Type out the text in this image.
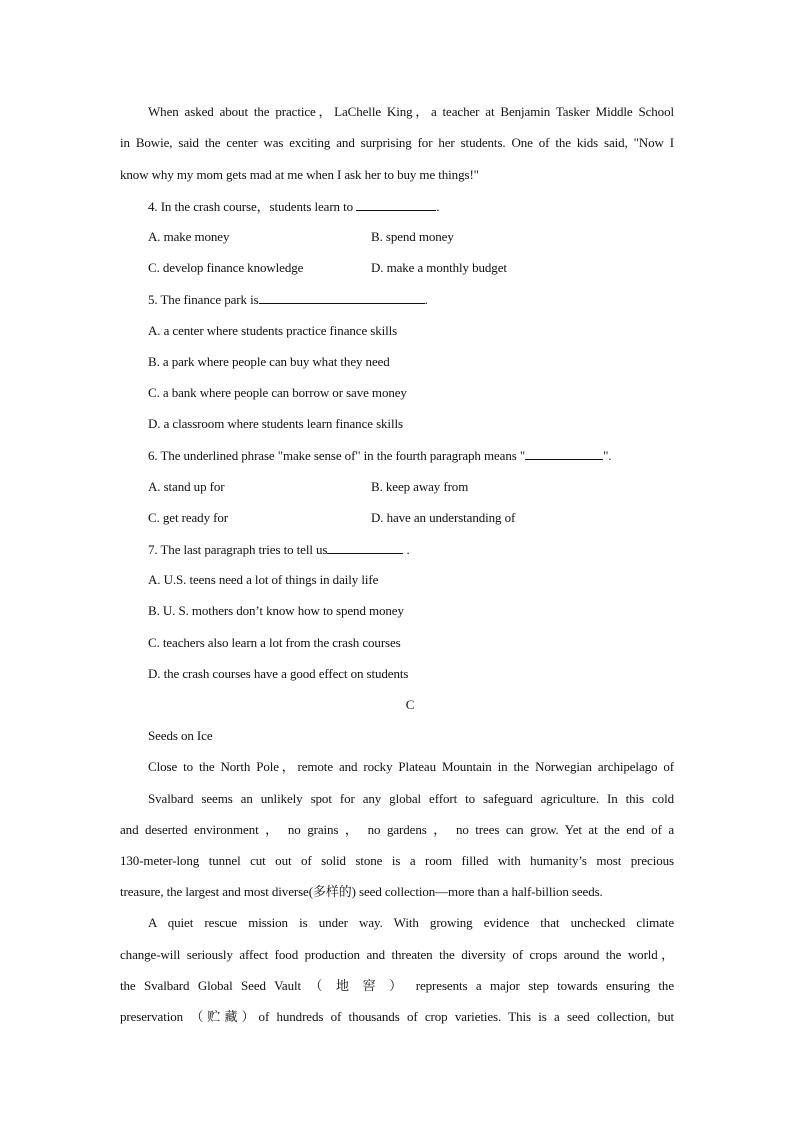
When asked about the practice，LaChelle King，a teacher at Benjamin Tasker Middle School
in Bowie, said the center was exciting and surprising for her students. One of the kids said, "Now I
know why my mom gets mad at me when I ask her to buy me things!"
4. In the crash course，students learn to	.
A. make money	B. spend money
C. develop finance knowledge	D. make a monthly budget
5. The finance park is	.
A. a center where students practice finance skills
B. a park where people can buy what they need
C. a bank where people can borrow or save money
D. a classroom where students learn finance skills
6. The underlined phrase "make sense of" in the fourth paragraph means "	".
A. stand up for	B. keep away from
C. get ready for	D. have an understanding of
7. The last paragraph tries to tell us	.
A. U.S. teens need a lot of things in daily life
B. U. S. mothers don’t know how to spend money
C. teachers also learn a lot from the crash courses
D. the crash courses have a good effect on students
C
Seeds on Ice
Close to the North Pole，remote and rocky Plateau Mountain in the Norwegian archipelago of
Svalbard seems an unlikely spot for any global effort to safeguard agriculture. In this cold
and deserted environment ， no grains ， no gardens ， no trees can grow. Yet at the end of a
130-meter-long tunnel cut out of solid stone is a room filled with humanity’s most precious
treasure, the largest and most diverse(多样的) seed collection—more than a half-billion seeds.
A quiet rescue mission is under way. With growing evidence that unchecked climate
change-will seriously affect food production and threaten the diversity of crops around the world，
the Svalbard Global Seed Vault （ 地 窖 ） represents a major step towards ensuring the
preservation （贮藏）of hundreds of thousands of crop varieties. This is a seed collection, but
